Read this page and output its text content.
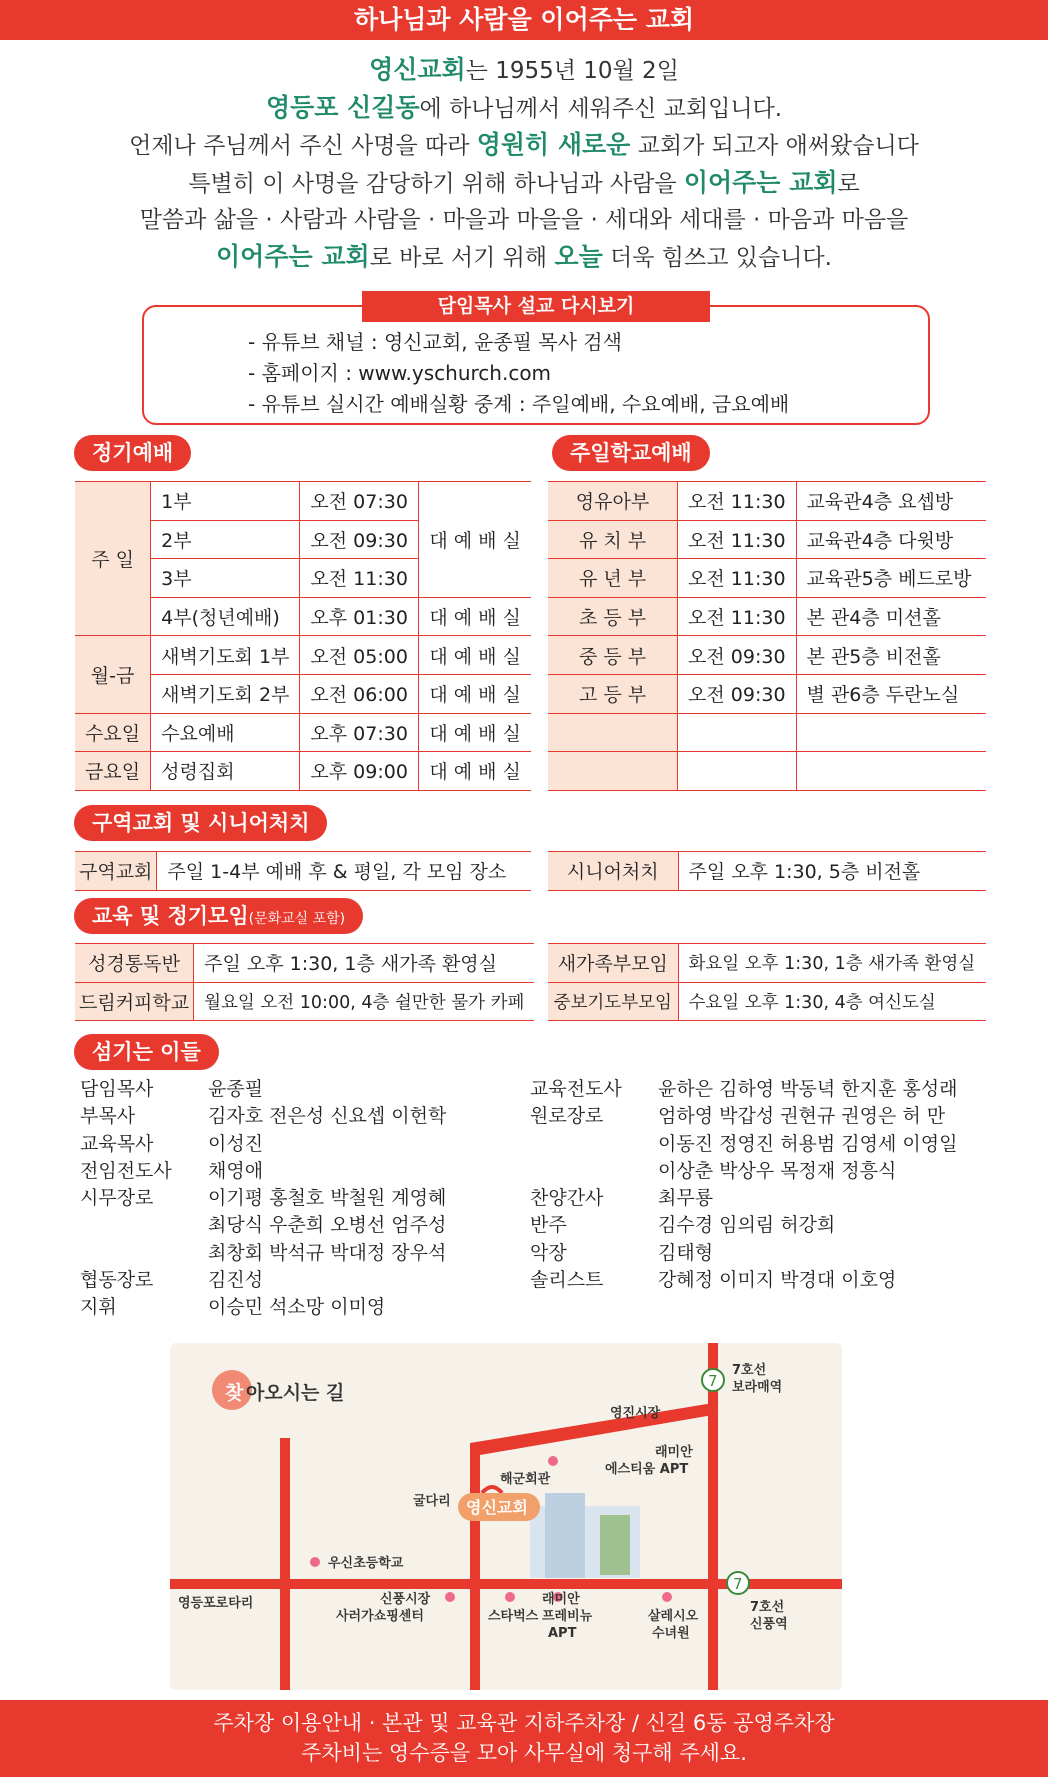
하나님과 사람을 이어주는 교회
영신교회는 1955년 10월 2일
영등포 신길동에 하나님께서 세워주신 교회입니다.
언제나 주님께서 주신 사명을 따라 영원히 새로운 교회가 되고자 애써왔습니다
특별히 이 사명을 감당하기 위해 하나님과 사람을 이어주는 교회로
말씀과 삶을 · 사람과 사람을 · 마을과 마을을 · 세대와 세대를 · 마음과 마음을
이어주는 교회로 바로 서기 위해 오늘 더욱 힘쓰고 있습니다.
담임목사 설교 다시보기
- 유튜브 채널 : 영신교회, 윤종필 목사 검색
- 홈페이지 : www.yschurch.com
- 유튜브 실시간 예배실황 중계 : 주일예배, 수요예배, 금요예배
정기예배	주일학교예배
주 일	1부	오전 07:30	대 예 배 실
	2부	오전 09:30	
	3부	오전 11:30	
	4부(청년예배)	오후 01:30	대 예 배 실
월-금	새벽기도회 1부	오전 05:00	대 예 배 실
	새벽기도회 2부	오전 06:00	대 예 배 실
수요일	수요예배	오후 07:30	대 예 배 실
금요일	성령집회	오후 09:00	대 예 배 실
영유아부	오전 11:30	교육관4층 요셉방
유 치 부	오전 11:30	교육관4층 다윗방
유 년 부	오전 11:30	교육관5층 베드로방
초 등 부	오전 11:30	본 관4층 미션홀
중 등 부	오전 09:30	본 관5층 비전홀
고 등 부	오전 09:30	별 관6층 두란노실

구역교회 및 시니어처치
구역교회	주일 1-4부 예배 후 & 평일, 각 모임 장소	시니어처치	주일 오후 1:30, 5층 비전홀
교육 및 정기모임(문화교실 포함)
성경통독반	주일 오후 1:30, 1층 새가족 환영실
드림커피학교	월요일 오전 10:00, 4층 쉴만한 물가 카페
새가족부모임	화요일 오후 1:30, 1층 새가족 환영실
중보기도부모임	수요일 오후 1:30, 4층 여신도실
섬기는 이들
담임목사	윤종필
부목사	김자호 전은성 신요셉 이헌학
교육목사	이성진
전임전도사	채영애
시무장로	이기평 홍철호 박철원 계영혜
최당식 우춘희 오병선 엄주성
최창회 박석규 박대정 장우석
협동장로	김진성
지휘	이승민 석소망 이미영
교육전도사	윤하은 김하영 박동녁 한지훈 홍성래
원로장로	엄하영 박갑성 권현규 권영은 허 만
이동진 정영진 허용범 김영세 이영일
이상춘 박상우 목정재 정흥식
찬양간사	최무룡
반주	김수경 임의림 허강희
악장	김태형
솔리스트	강혜정 이미지 박경대 이호영
찾 아오시는 길
7
7
영신교회
7호선
보라매역
영진시장
래미안
에스티움 APT
해군회관
굴다리
우신초등학교
영등포로타리	신풍시장
사러가쇼핑센터	스타벅스
래미안
프레비뉴
APT
살레시오
수녀원
7호선
신풍역
주차장 이용안내 · 본관 및 교육관 지하주차장 / 신길 6동 공영주차장
주차비는 영수증을 모아 사무실에 청구해 주세요.
